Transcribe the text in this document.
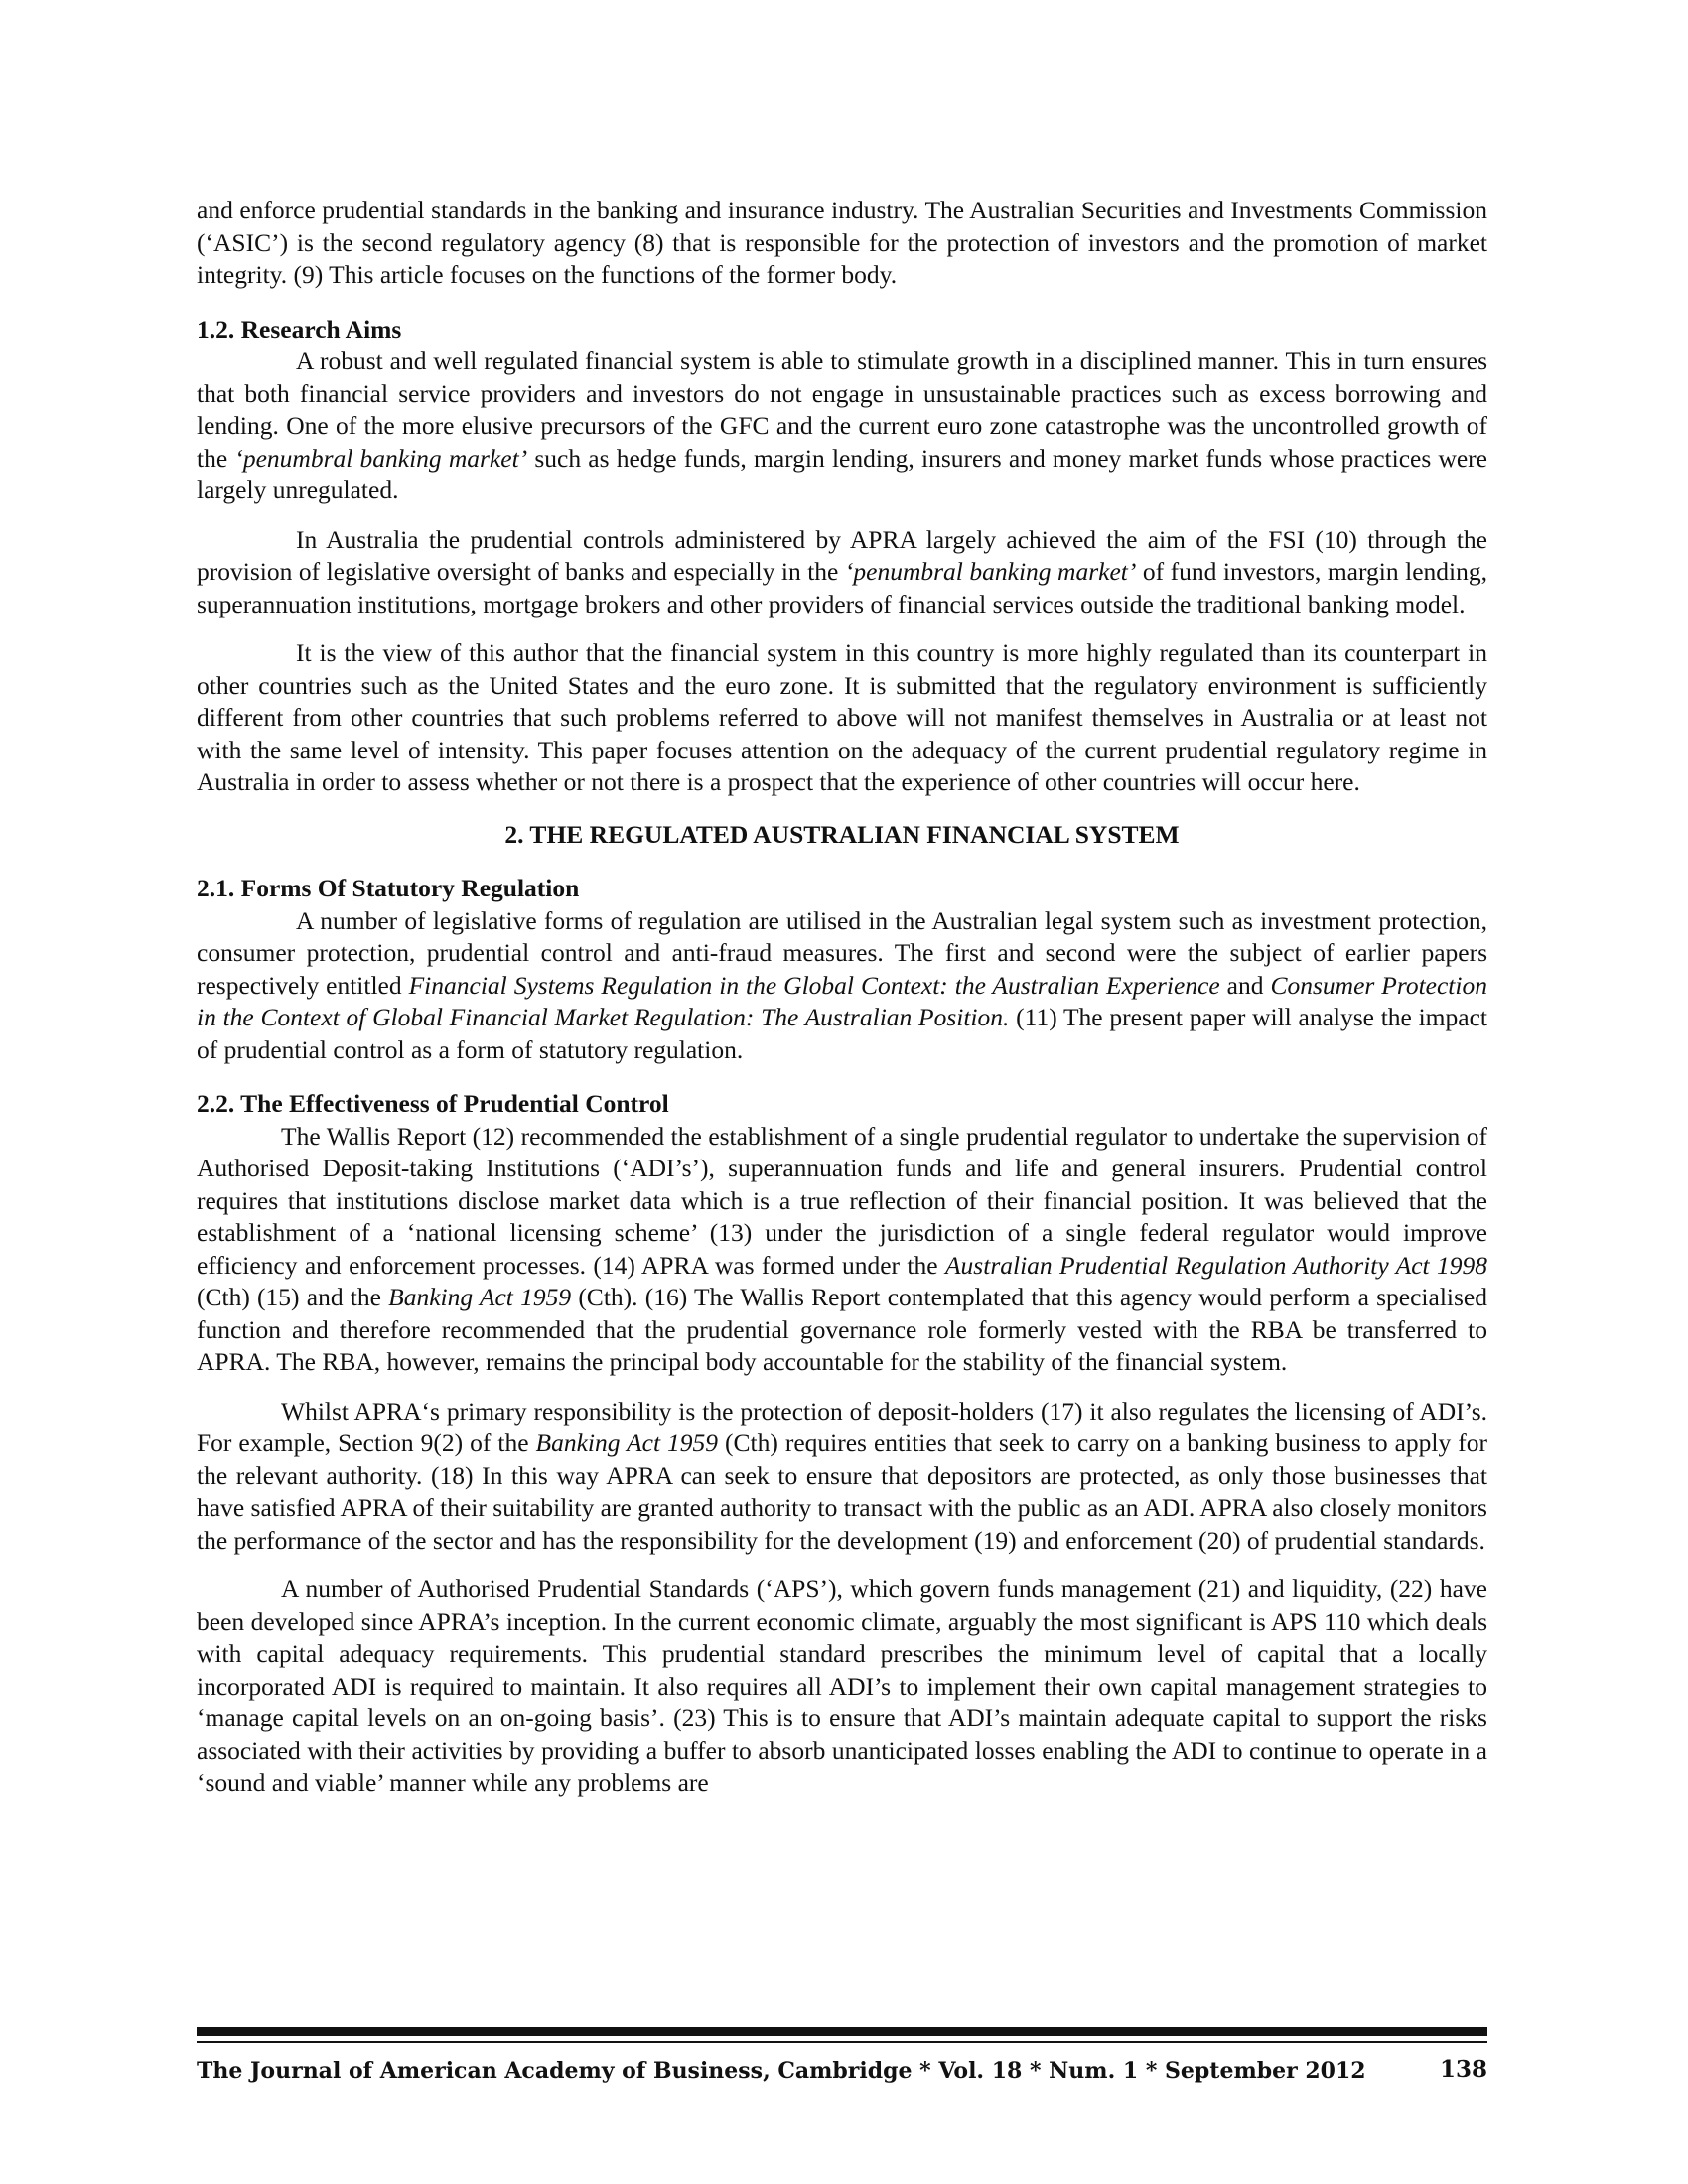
and enforce prudential standards in the banking and insurance industry. The Australian Securities and Investments Commission (‘ASIC’) is the second regulatory agency (8) that is responsible for the protection of investors and the promotion of market integrity. (9) This article focuses on the functions of the former body.

1.2. Research Aims

A robust and well regulated financial system is able to stimulate growth in a disciplined manner. This in turn ensures that both financial service providers and investors do not engage in unsustainable practices such as excess borrowing and lending. One of the more elusive precursors of the GFC and the current euro zone catastrophe was the uncontrolled growth of the ‘penumbral banking market’ such as hedge funds, margin lending, insurers and money market funds whose practices were largely unregulated.

In Australia the prudential controls administered by APRA largely achieved the aim of the FSI (10) through the provision of legislative oversight of banks and especially in the ‘penumbral banking market’ of fund investors, margin lending, superannuation institutions, mortgage brokers and other providers of financial services outside the traditional banking model.

It is the view of this author that the financial system in this country is more highly regulated than its counterpart in other countries such as the United States and the euro zone. It is submitted that the regulatory environment is sufficiently different from other countries that such problems referred to above will not manifest themselves in Australia or at least not with the same level of intensity. This paper focuses attention on the adequacy of the current prudential regulatory regime in Australia in order to assess whether or not there is a prospect that the experience of other countries will occur here.

2. THE REGULATED AUSTRALIAN FINANCIAL SYSTEM
2.1. Forms Of Statutory Regulation

A number of legislative forms of regulation are utilised in the Australian legal system such as investment protection, consumer protection, prudential control and anti-fraud measures. The first and second were the subject of earlier papers respectively entitled Financial Systems Regulation in the Global Context: the Australian Experience and Consumer Protection in the Context of Global Financial Market Regulation: The Australian Position. (11) The present paper will analyse the impact of prudential control as a form of statutory regulation.

2.2. The Effectiveness of Prudential Control

The Wallis Report (12) recommended the establishment of a single prudential regulator to undertake the supervision of Authorised Deposit-taking Institutions (‘ADI’s’), superannuation funds and life and general insurers. Prudential control requires that institutions disclose market data which is a true reflection of their financial position. It was believed that the establishment of a ‘national licensing scheme’ (13) under the jurisdiction of a single federal regulator would improve efficiency and enforcement processes. (14) APRA was formed under the Australian Prudential Regulation Authority Act 1998 (Cth) (15) and the Banking Act 1959 (Cth). (16) The Wallis Report contemplated that this agency would perform a specialised function and therefore recommended that the prudential governance role formerly vested with the RBA be transferred to APRA. The RBA, however, remains the principal body accountable for the stability of the financial system.

Whilst APRA‘s primary responsibility is the protection of deposit-holders (17) it also regulates the licensing of ADI’s. For example, Section 9(2) of the Banking Act 1959 (Cth) requires entities that seek to carry on a banking business to apply for the relevant authority. (18) In this way APRA can seek to ensure that depositors are protected, as only those businesses that have satisfied APRA of their suitability are granted authority to transact with the public as an ADI. APRA also closely monitors the performance of the sector and has the responsibility for the development (19) and enforcement (20) of prudential standards.

A number of Authorised Prudential Standards (‘APS’), which govern funds management (21) and liquidity, (22) have been developed since APRA’s inception. In the current economic climate, arguably the most significant is APS 110 which deals with capital adequacy requirements. This prudential standard prescribes the minimum level of capital that a locally incorporated ADI is required to maintain. It also requires all ADI’s to implement their own capital management strategies to ‘manage capital levels on an on-going basis’. (23) This is to ensure that ADI’s maintain adequate capital to support the risks associated with their activities by providing a buffer to absorb unanticipated losses enabling the ADI to continue to operate in a ‘sound and viable’ manner while any problems are

The Journal of American Academy of Business, Cambridge * Vol. 18 * Num. 1 * September 2012	138
